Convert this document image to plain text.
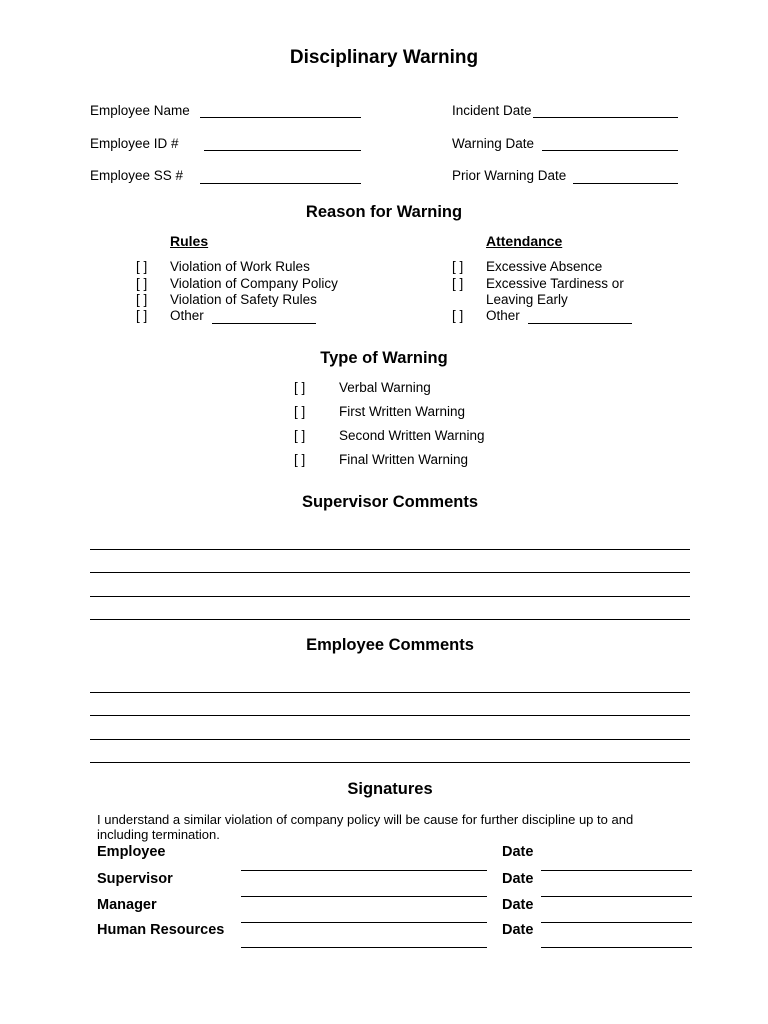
Disciplinary Warning
Employee Name
Employee ID #
Employee SS #
Incident Date
Warning Date
Prior Warning Date
Reason for Warning
Rules	Attendance
[ ] Violation of Work Rules
[ ] Violation of Company Policy
[ ] Violation of Safety Rules
[ ] Other
[ ] Excessive Absence
[ ] Excessive Tardiness or
Leaving Early
[ ] Other
Type of Warning
[ ] Verbal Warning
[ ] First Written Warning
[ ] Second Written Warning
[ ] Final Written Warning
Supervisor Comments
Employee Comments
Signatures
I understand a similar violation of company policy will be cause for further discipline up to and including termination.
Employee	Date
Supervisor	Date
Manager	Date
Human Resources	Date
